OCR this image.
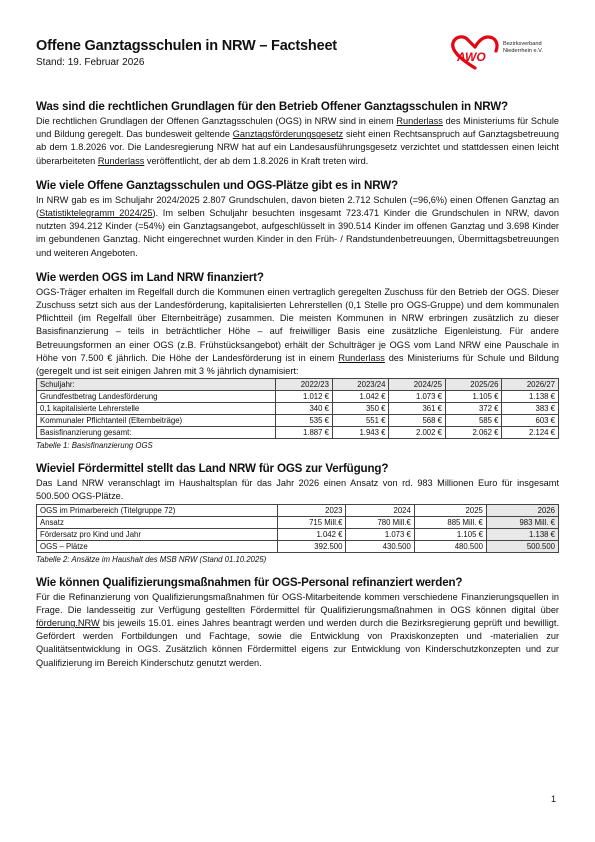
Offene Ganztagsschulen in NRW – Factsheet
Stand: 19. Februar 2026	AWO
Bezirksverband
Niederrhein e.V.
Was sind die rechtlichen Grundlagen für den Betrieb Offener Ganztagsschulen in NRW?

Die rechtlichen Grundlagen der Offenen Ganztagsschulen (OGS) in NRW sind in einem Runderlass des Ministeriums für Schule und Bildung geregelt. Das bundesweit geltende Ganztagsförderungsgesetz sieht einen Rechtsanspruch auf Ganztagsbetreuung ab dem 1.8.2026 vor. Die Landesregierung NRW hat auf ein Landesausführungsgesetz verzichtet und stattdessen einen leicht überarbeiteten Runderlass veröffentlicht, der ab dem 1.8.2026 in Kraft treten wird.

Wie viele Offene Ganztagsschulen und OGS-Plätze gibt es in NRW?

In NRW gab es im Schuljahr 2024/2025 2.807 Grundschulen, davon bieten 2.712 Schulen (=96,6%) einen Offenen Ganztag an (Statistiktelegramm 2024/25). Im selben Schuljahr besuchten insgesamt 723.471 Kinder die Grundschulen in NRW, davon nutzten 394.212 Kinder (=54%) ein Ganztagsangebot, aufgeschlüsselt in 390.514 Kinder im offenen Ganztag und 3.698 Kinder im gebundenen Ganztag. Nicht eingerechnet wurden Kinder in den Früh- / Randstundenbetreuungen, Übermittagsbetreuungen und weiteren Angeboten.

Wie werden OGS im Land NRW finanziert?

OGS-Träger erhalten im Regelfall durch die Kommunen einen vertraglich geregelten Zuschuss für den Betrieb der OGS. Dieser Zuschuss setzt sich aus der Landesförderung, kapitalisierten Lehrerstellen (0,1 Stelle pro OGS-Gruppe) und dem kommunalen Pflichtteil (im Regelfall über Elternbeiträge) zusammen. Die meisten Kommunen in NRW erbringen zusätzlich zu dieser Basisfinanzierung – teils in beträchtlicher Höhe – auf freiwilliger Basis eine zusätzliche Eigenleistung. Für andere Betreuungsformen an einer OGS (z.B. Frühstücksangebot) erhält der Schulträger je OGS vom Land NRW eine Pauschale in Höhe von 7.500 € jährlich. Die Höhe der Landesförderung ist in einem Runderlass des Ministeriums für Schule und Bildung (geregelt und ist seit einigen Jahren mit 3 % jährlich dynamisiert:

Schuljahr:	2022/23	2023/24	2024/25	2025/26	2026/27
Grundfestbetrag Landesförderung	1.012 €	1.042 €	1.073 €	1.105 €	1.138 €
0,1 kapitalisierte Lehrerstelle	340 €	350 €	361 €	372 €	383 €
Kommunaler Pflichtanteil (Elternbeiträge)	535 €	551 €	568 €	585 €	603 €
Basisfinanzierung gesamt:	1.887 €	1.943 €	2.002 €	2.062 €	2.124 €
Tabelle 1: Basisfinanzierung OGS
Wieviel Fördermittel stellt das Land NRW für OGS zur Verfügung?

Das Land NRW veranschlagt im Haushaltsplan für das Jahr 2026 einen Ansatz von rd. 983 Millionen Euro für insgesamt 500.500 OGS-Plätze.

OGS im Primarbereich (Titelgruppe 72)	2023	2024	2025	2026
Ansatz	715 Mill.€	780 Mill.€	885 Mill. €	983 Mill. €
Fördersatz pro Kind und Jahr	1.042 €	1.073 €	1.105 €	1.138 €
OGS – Plätze	392.500	430.500	480.500	500.500
Tabelle 2: Ansätze im Haushalt des MSB NRW (Stand 01.10.2025)
Wie können Qualifizierungsmaßnahmen für OGS-Personal refinanziert werden?

Für die Refinanzierung von Qualifizierungsmaßnahmen für OGS-Mitarbeitende kommen verschiedene Finanzierungsquellen in Frage. Die landesseitig zur Verfügung gestellten Fördermittel für Qualifizierungsmaßnahmen in OGS können digital über förderung.NRW bis jeweils 15.01. eines Jahres beantragt werden und werden durch die Bezirksregierung geprüft und bewilligt. Gefördert werden Fortbildungen und Fachtage, sowie die Entwicklung von Praxiskonzepten und -materialien zur Qualitätsentwicklung in OGS. Zusätzlich können Fördermittel eigens zur Entwicklung von Kinderschutzkonzepten und zur Qualifizierung im Bereich Kinderschutz genutzt werden.

1
